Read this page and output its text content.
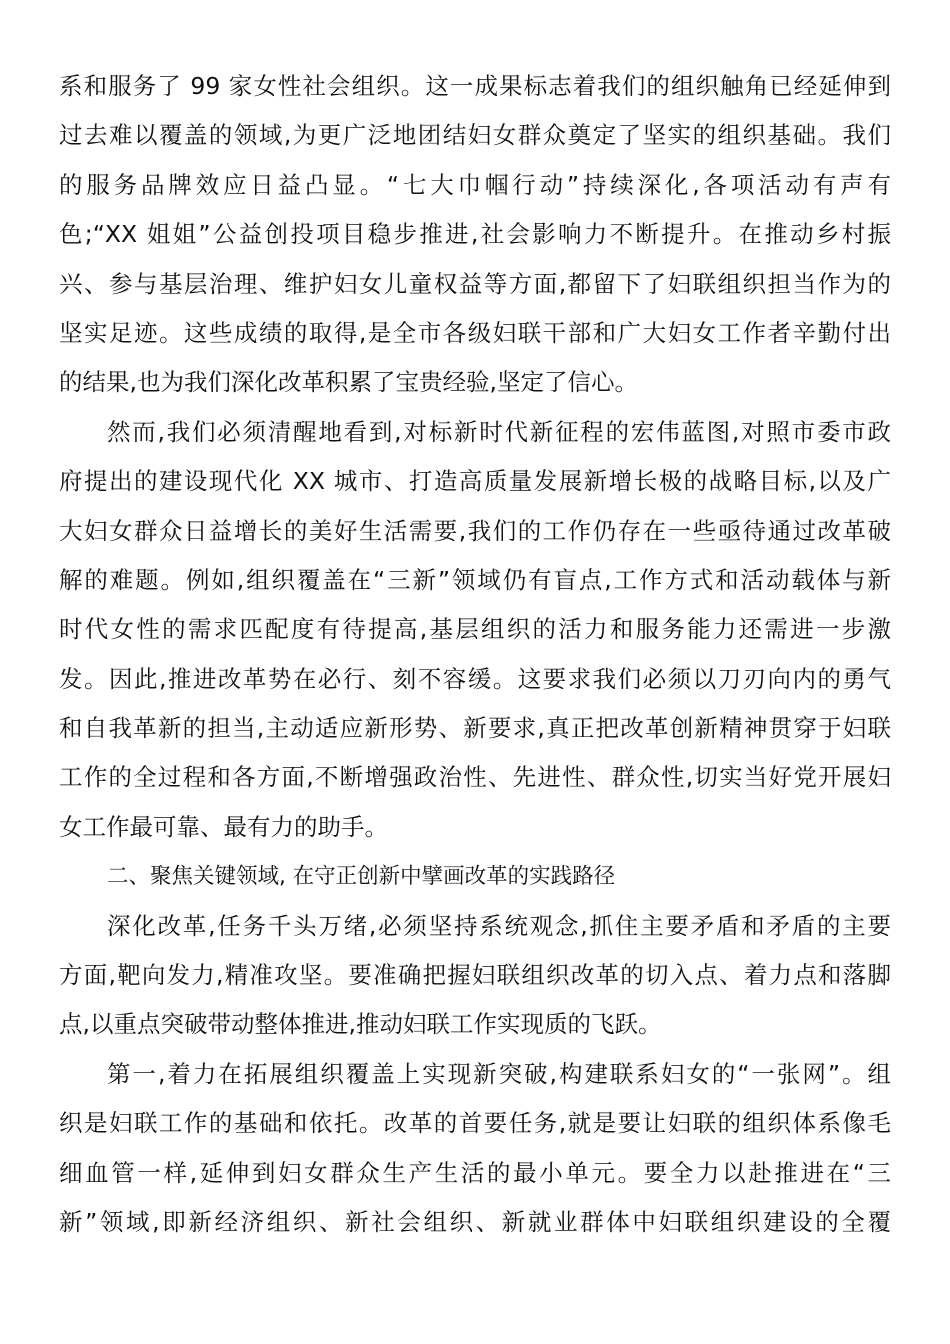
系和服务了 99 家女性社会组织。这一成果标志着我们的组织触角已经延伸到
过去难以覆盖的领域,为更广泛地团结妇女群众奠定了坚实的组织基础。我们
的服务品牌效应日益凸显。“七大巾帼行动”持续深化,各项活动有声有
色;“XX 姐姐”公益创投项目稳步推进,社会影响力不断提升。在推动乡村振
兴、参与基层治理、维护妇女儿童权益等方面,都留下了妇联组织担当作为的
坚实足迹。这些成绩的取得,是全市各级妇联干部和广大妇女工作者辛勤付出
的结果,也为我们深化改革积累了宝贵经验,坚定了信心。
然而,我们必须清醒地看到,对标新时代新征程的宏伟蓝图,对照市委市政
府提出的建设现代化 XX 城市、打造高质量发展新增长极的战略目标,以及广
大妇女群众日益增长的美好生活需要,我们的工作仍存在一些亟待通过改革破
解的难题。例如,组织覆盖在“三新”领域仍有盲点,工作方式和活动载体与新
时代女性的需求匹配度有待提高,基层组织的活力和服务能力还需进一步激
发。因此,推进改革势在必行、刻不容缓。这要求我们必须以刀刃向内的勇气
和自我革新的担当,主动适应新形势、新要求,真正把改革创新精神贯穿于妇联
工作的全过程和各方面,不断增强政治性、先进性、群众性,切实当好党开展妇
女工作最可靠、最有力的助手。
二、聚焦关键领域, 在守正创新中擘画改革的实践路径
深化改革,任务千头万绪,必须坚持系统观念,抓住主要矛盾和矛盾的主要
方面,靶向发力,精准攻坚。要准确把握妇联组织改革的切入点、着力点和落脚
点,以重点突破带动整体推进,推动妇联工作实现质的飞跃。
第一,着力在拓展组织覆盖上实现新突破,构建联系妇女的“一张网”。组
织是妇联工作的基础和依托。改革的首要任务,就是要让妇联的组织体系像毛
细血管一样,延伸到妇女群众生产生活的最小单元。要全力以赴推进在“三
新”领域,即新经济组织、新社会组织、新就业群体中妇联组织建设的全覆
